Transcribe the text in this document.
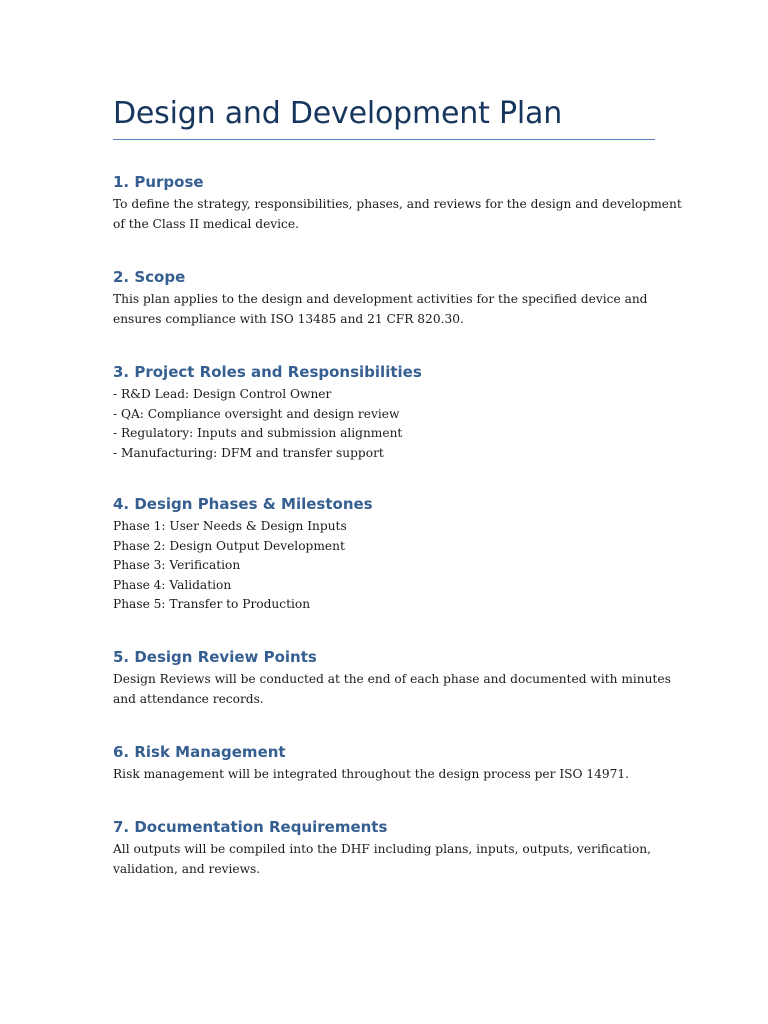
Design and Development Plan
1. Purpose
To define the strategy, responsibilities, phases, and reviews for the design and development
of the Class II medical device.
2. Scope
This plan applies to the design and development activities for the specified device and
ensures compliance with ISO 13485 and 21 CFR 820.30.
3. Project Roles and Responsibilities
- R&D Lead: Design Control Owner
- QA: Compliance oversight and design review
- Regulatory: Inputs and submission alignment
- Manufacturing: DFM and transfer support
4. Design Phases & Milestones
Phase 1: User Needs & Design Inputs
Phase 2: Design Output Development
Phase 3: Verification
Phase 4: Validation
Phase 5: Transfer to Production
5. Design Review Points
Design Reviews will be conducted at the end of each phase and documented with minutes
and attendance records.
6. Risk Management
Risk management will be integrated throughout the design process per ISO 14971.
7. Documentation Requirements
All outputs will be compiled into the DHF including plans, inputs, outputs, verification,
validation, and reviews.
